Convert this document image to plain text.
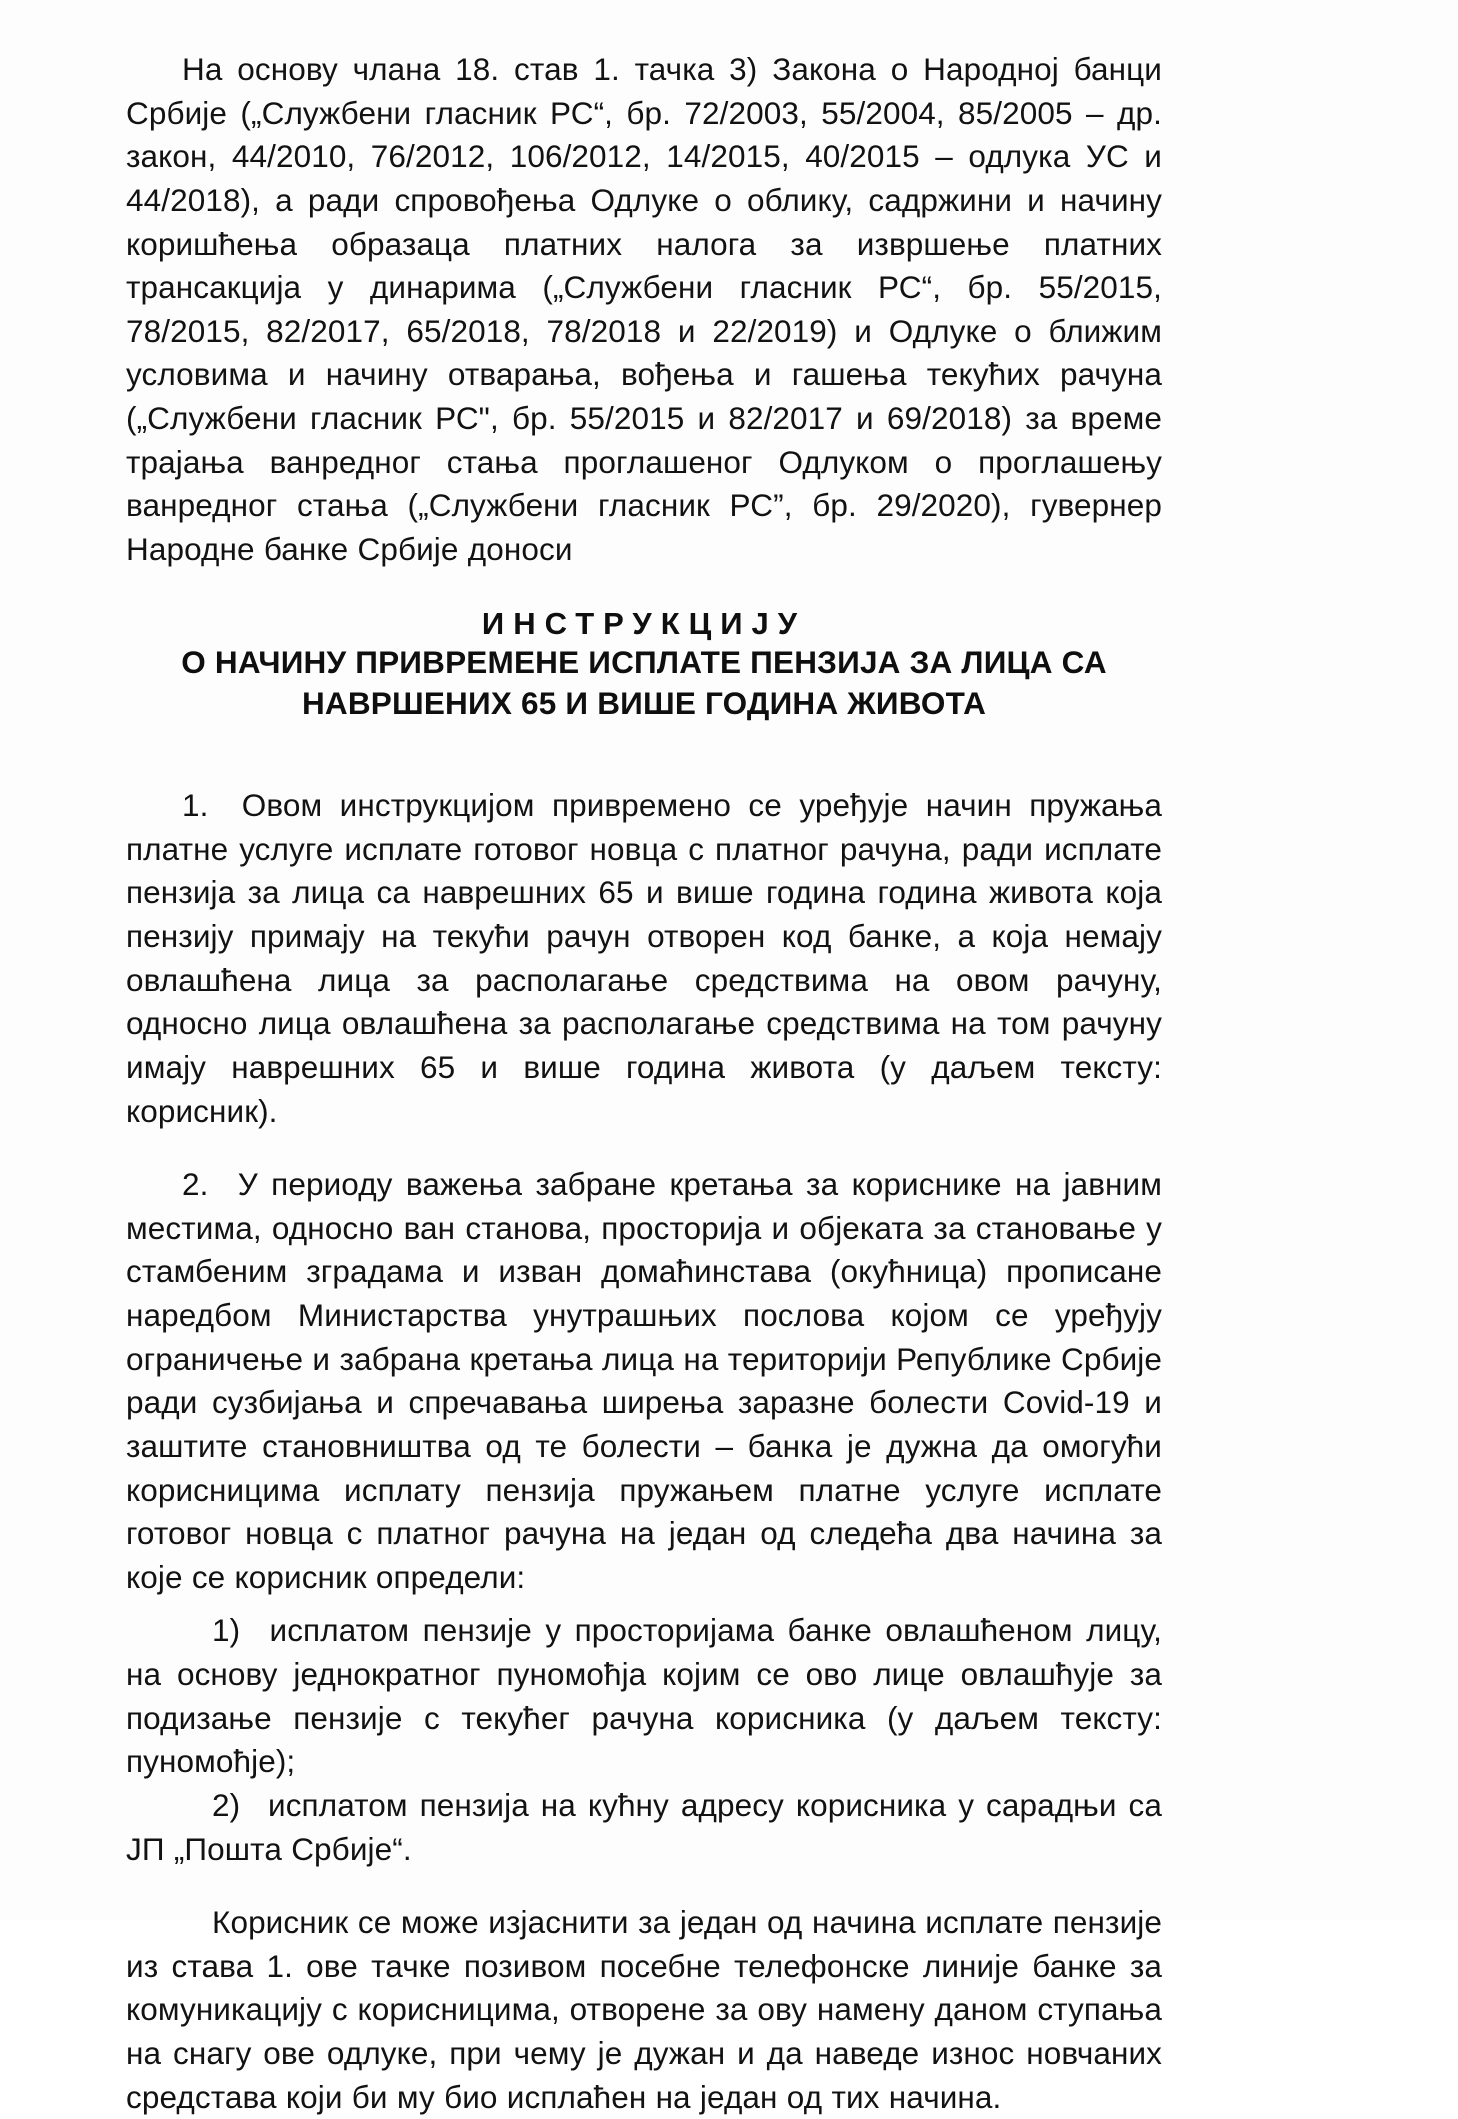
На основу члана 18. став 1. тачка 3) Закона о Народној банци Србије („Службени гласник РС“, бр. 72/2003, 55/2004, 85/2005 – др. закон, 44/2010, 76/2012, 106/2012, 14/2015, 40/2015 – одлука УС и 44/2018), а ради спровођења Одлуке о облику, садржини и начину коришћења образаца платних налога за извршење платних трансакција у динарима („Службени гласник РС“, бр. 55/2015, 78/2015, 82/2017, 65/2018, 78/2018 и 22/2019) и Одлуке о ближим условима и начину отварања, вођења и гашења текућих рачуна („Службени гласник РС", бр. 55/2015 и 82/2017 и 69/2018) за време трајања ванредног стања проглашеног Одлуком о проглашењу ванредног стања („Службени гласник РС”, бр. 29/2020), гувернер Народне банке Србије доноси

ИНСТРУКЦИЈУ
О НАЧИНУ ПРИВРЕМЕНЕ ИСПЛАТЕ ПЕНЗИЈА ЗА ЛИЦА СА
НАВРШЕНИХ 65 И ВИШЕ ГОДИНА ЖИВОТА

1.  Овом инструкцијом привремено се уређује начин пружања платне услуге исплате готовог новца с платног рачуна, ради исплате пензија за лица са наврешних 65 и више година година живота која пензију примају на текући рачун отворен код банке, а која немају овлашћена лица за располагање средствима на овом рачуну, односно лица овлашћена за располагање средствима на том рачуну имају наврешних 65 и више година живота (у даљем тексту: корисник).

2.  У периоду важења забране кретања за кориснике на јавним местима, односно ван станова, просторија и објеката за становање у стамбеним зградама и изван домаћинстава (окућница) прописане наредбом Министарства унутрашњих послова којом се уређују ограничење и забрана кретања лица на територији Републике Србије ради сузбијања и спречавања ширења заразне болести Covid-19 и заштите становништва од те болести – банка је дужна да омогући корисницима исплату пензија пружањем платне услуге исплате готовог новца с платног рачуна на један од следећа два начина за које се корисник определи:

1)  исплатом пензије у просторијама банке овлашћеном лицу, на основу једнократног пуномоћја којим се ово лице овлашћује за подизање пензије с текућег рачуна корисника (у даљем тексту: пуномоћје);

2)  исплатом пензија на кућну адресу корисника у сарадњи са ЈП „Пошта Србије“.

Корисник се може изјаснити за један од начина исплате пензије из става 1. ове тачке позивом посебне телефонске линије банке за комуникацију с корисницима, отворене за ову намену даном ступања на снагу ове одлуке, при чему је дужан и да наведе износ новчаних средстава који би му био исплаћен на један од тих начина.
